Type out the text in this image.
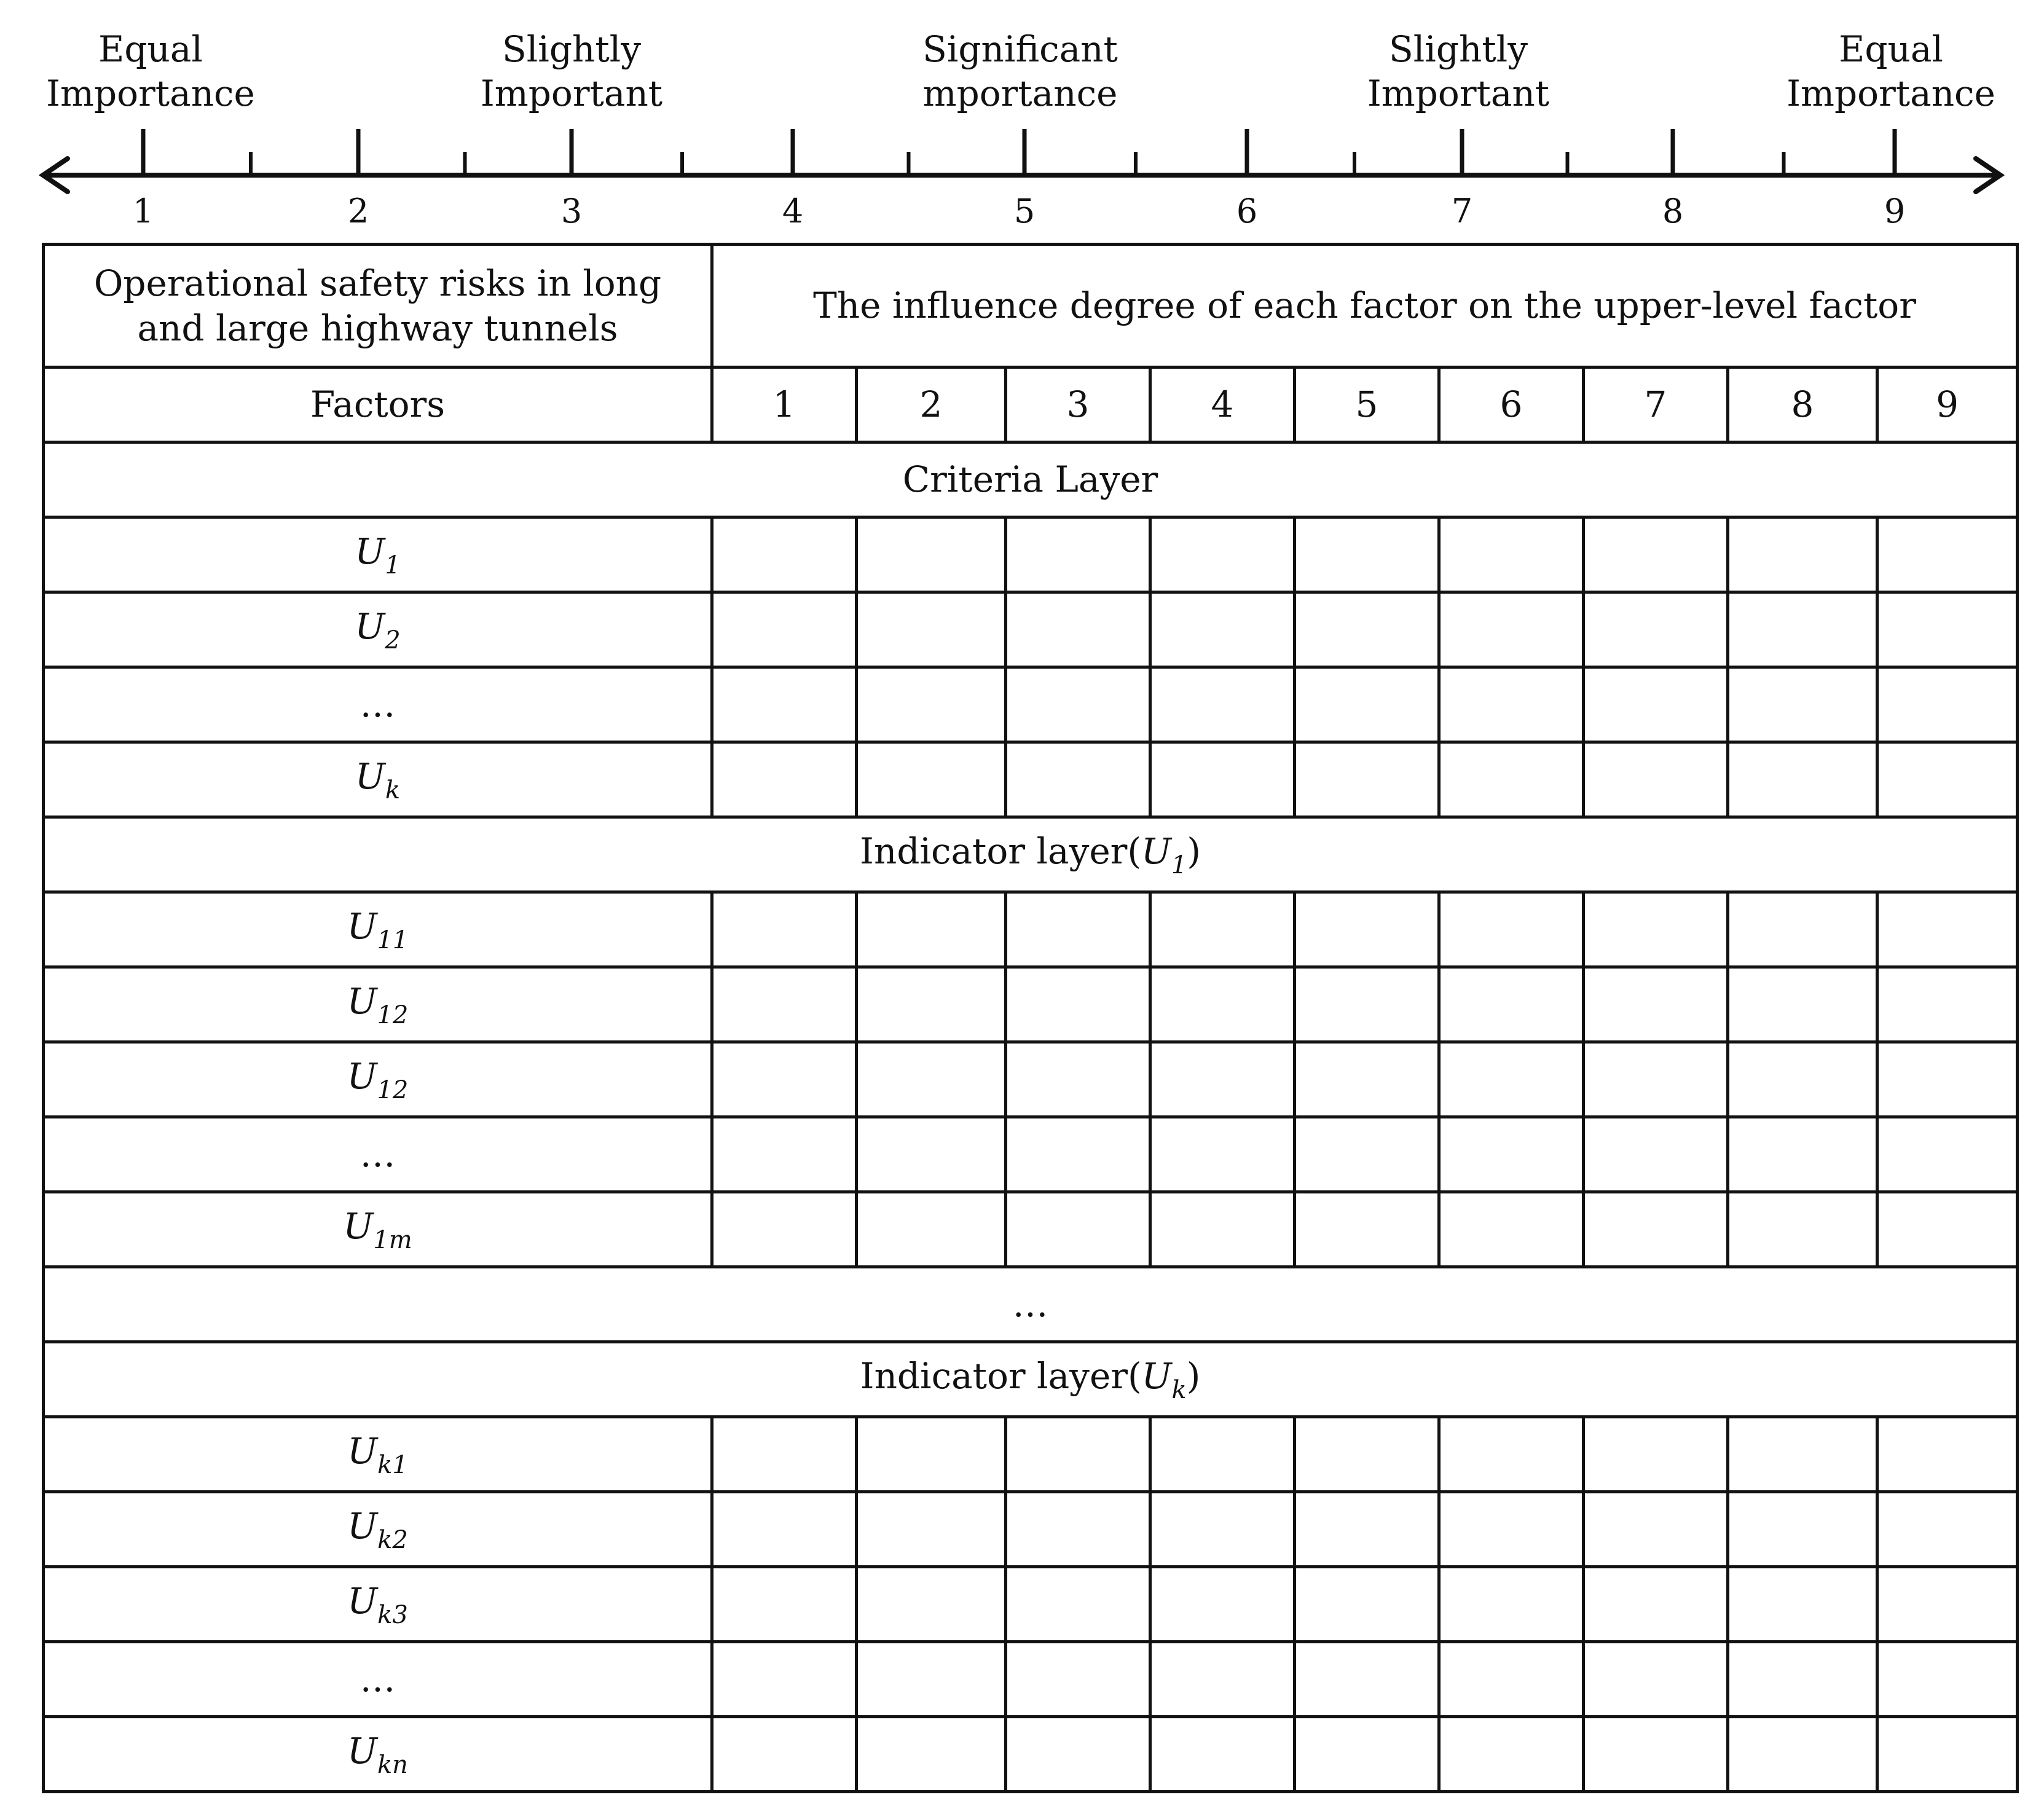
1	2	3	4	5	6	7	8	9
Equal
Importance
Slightly
Important
Significant
mportance
Slightly
Important
Equal
Importance
Operational safety risks in long and large highway tunnels	The influence degree of each factor on the upper-level factor								
Factors	1	2	3	4	5	6	7	8	9
Criteria Layer									
$U_1$									
$U_2$									
…									
$U_k$									
Indicator $layer(U_1)$									
$U_{11}$									
$U_{12}$									
$U_{12}$									
…									
$U_{1m}$									
…									
Indicator $layer(U_k)$									
$U_{k1}$									
$U_{k2}$									
$U_{k3}$									
…									
$U_{kn}$									
